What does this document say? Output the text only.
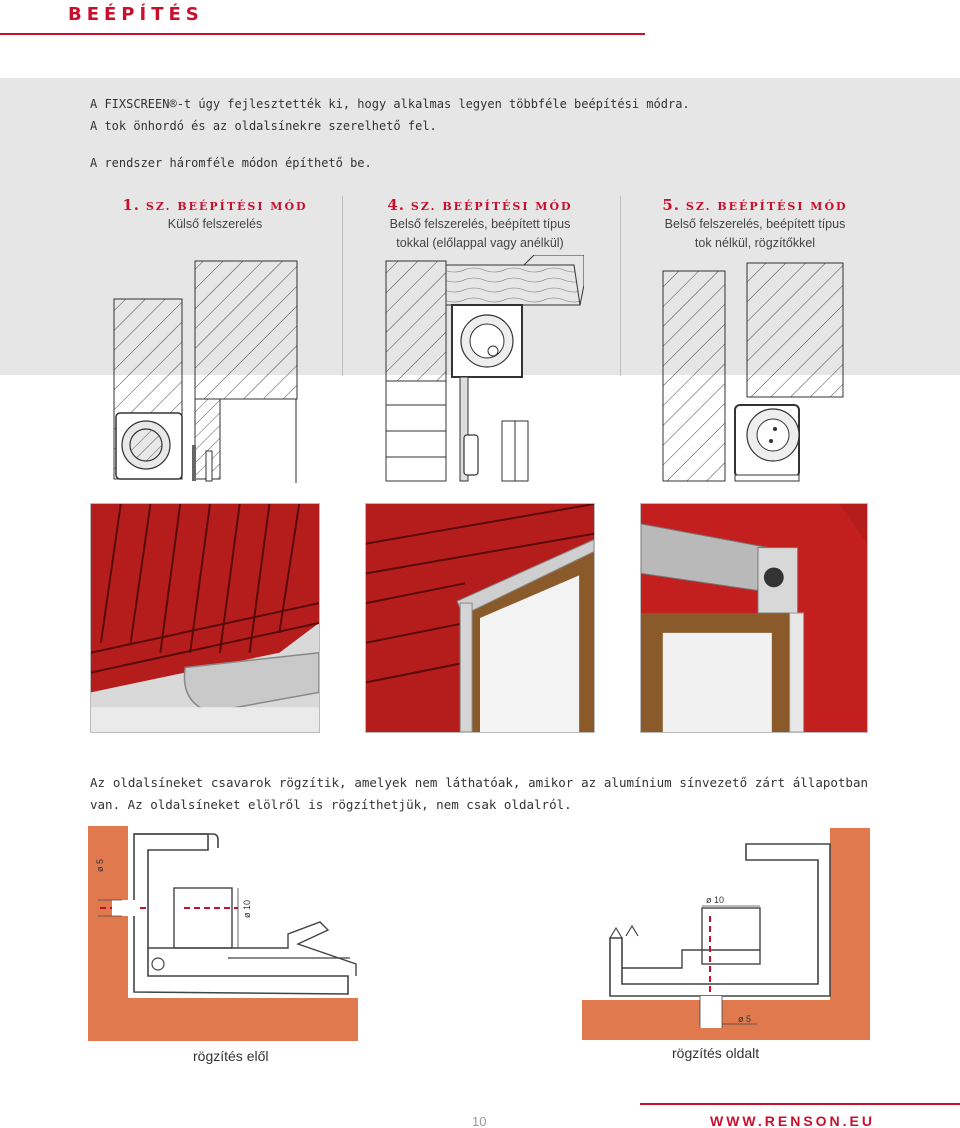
BEÉPÍTÉS
A FIXSCREEN®-t úgy fejlesztették ki, hogy alkalmas legyen többféle beépítési módra.
A tok önhordó és az oldalsínekre szerelhető fel.
A rendszer háromféle módon építhető be.
1. SZ. BEÉPÍTÉSI MÓD
Külső felszerelés
4. SZ. BEÉPÍTÉSI MÓD
Belső felszerelés, beépített típus
tokkal (előlappal vagy anélkül)
5. SZ. BEÉPÍTÉSI MÓD
Belső felszerelés, beépített típus
tok nélkül, rögzítőkkel
Az oldalsíneket csavarok rögzítik, amelyek nem láthatóak, amikor az alumínium sínvezető zárt állapotban van. Az oldalsíneket elölről is rögzíthetjük, nem csak oldalról.
ø 5
ø 10
rögzítés elől
ø 10
ø 5
rögzítés oldalt
10	WWW.RENSON.EU
